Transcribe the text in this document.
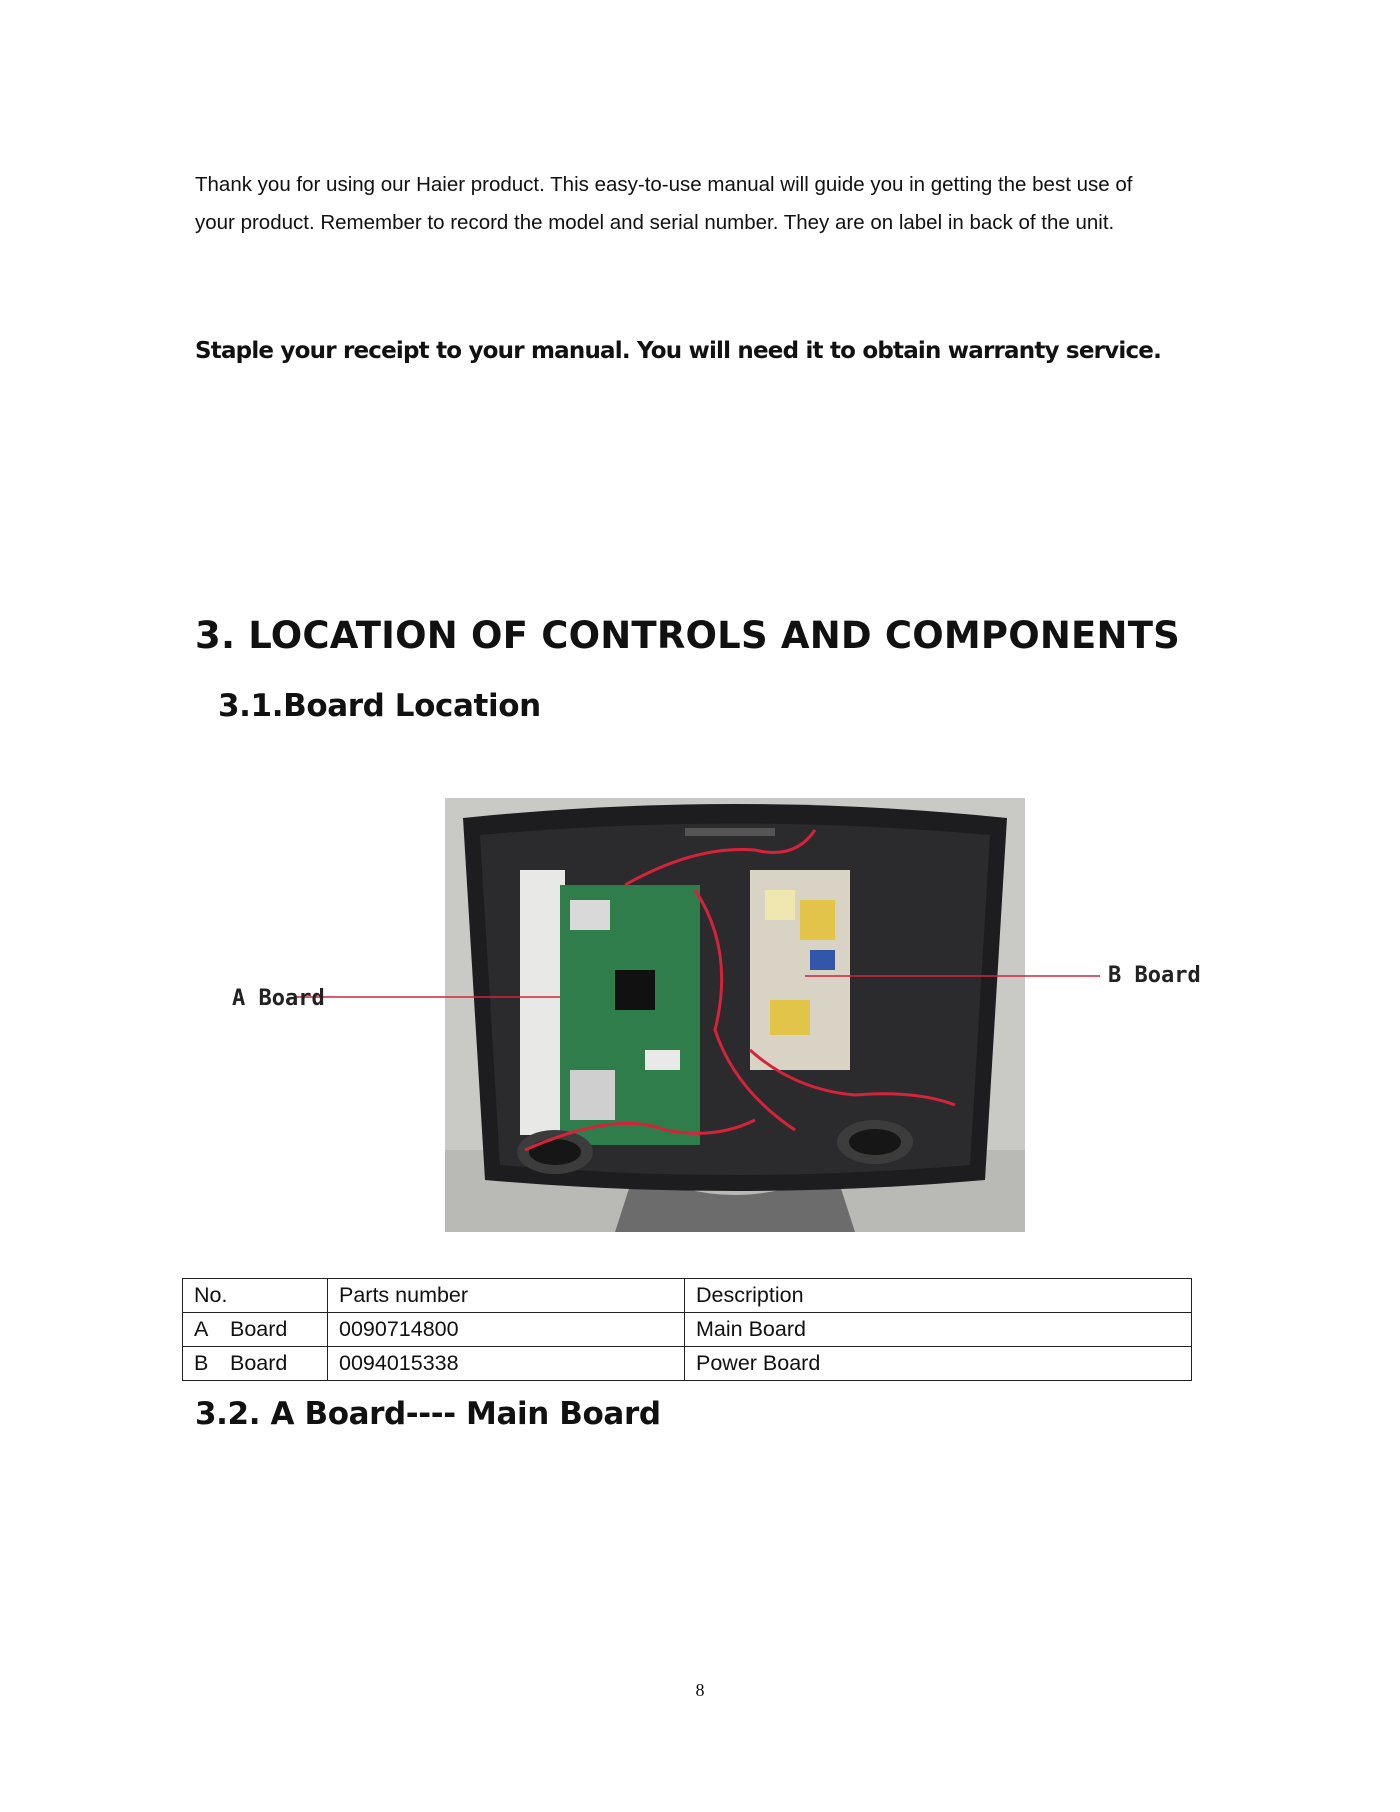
Thank you for using our Haier product. This easy-to-use manual will guide you in getting the best use of
your product. Remember to record the model and serial number. They are on label in back of the unit.

Staple your receipt to your manual. You will need it to obtain warranty service.

3. LOCATION OF CONTROLS AND COMPONENTS
3.1.Board Location
A Board
B Board
No.	Parts number	Description
A Board	0090714800	Main Board
B Board	0094015338	Power Board
3.2. A Board---- Main Board
8
